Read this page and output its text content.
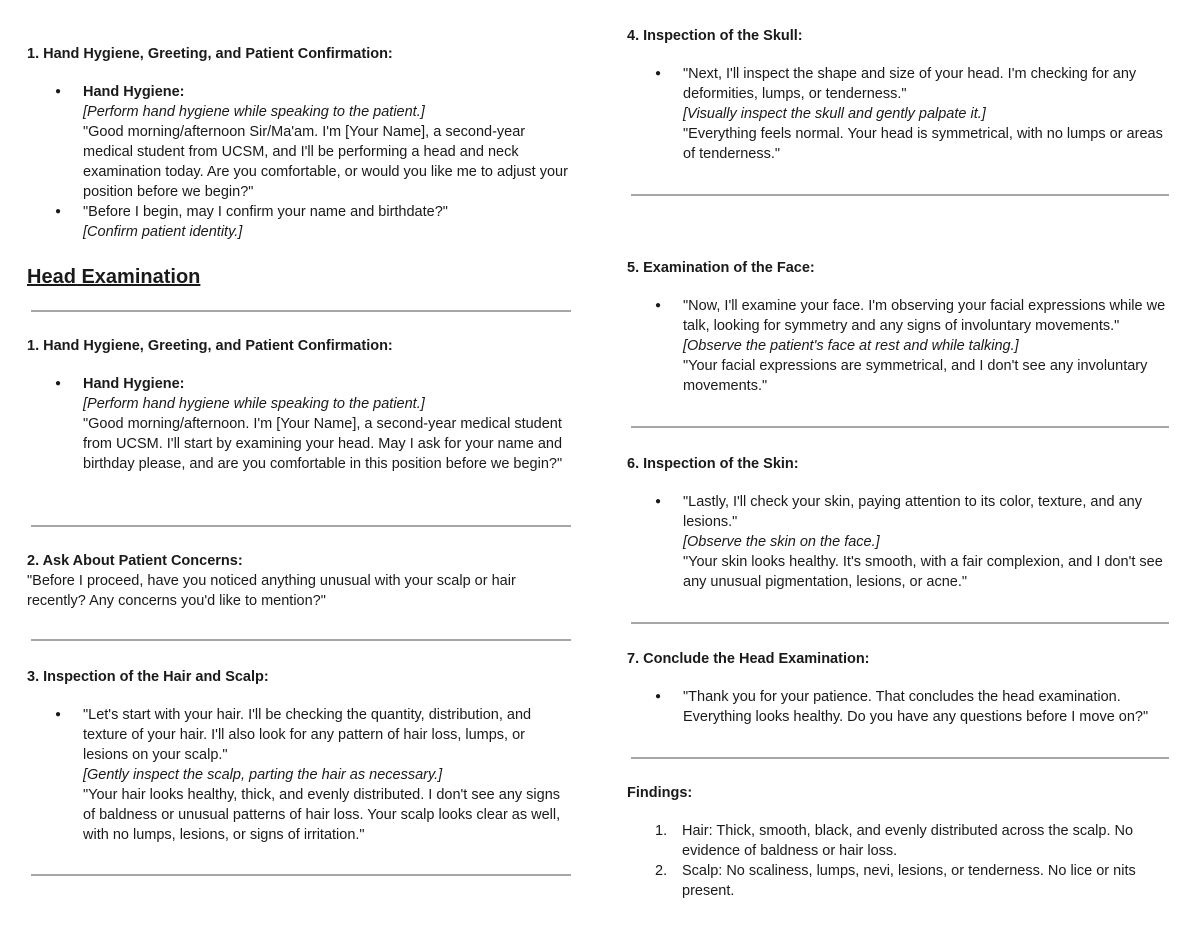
1. Hand Hygiene, Greeting, and Patient Confirmation:
● Hand Hygiene:
[Perform hand hygiene while speaking to the patient.]
"Good morning/afternoon Sir/Ma'am. I'm [Your Name], a second-year medical student from UCSM, and I'll be performing a head and neck examination today. Are you comfortable, or would you like me to adjust your position before we begin?"
● "Before I begin, may I confirm your name and birthdate?"
[Confirm patient identity.]
Head Examination
1. Hand Hygiene, Greeting, and Patient Confirmation:
● Hand Hygiene:
[Perform hand hygiene while speaking to the patient.]
"Good morning/afternoon. I'm [Your Name], a second-year medical student from UCSM. I'll start by examining your head. May I ask for your name and birthday please, and are you comfortable in this position before we begin?"
2. Ask About Patient Concerns:
"Before I proceed, have you noticed anything unusual with your scalp or hair recently? Any concerns you'd like to mention?"
3. Inspection of the Hair and Scalp:
● "Let's start with your hair. I'll be checking the quantity, distribution, and texture of your hair. I'll also look for any pattern of hair loss, lumps, or lesions on your scalp."
[Gently inspect the scalp, parting the hair as necessary.]
"Your hair looks healthy, thick, and evenly distributed. I don't see any signs of baldness or unusual patterns of hair loss. Your scalp looks clear as well, with no lumps, lesions, or signs of irritation."
4. Inspection of the Skull:
● "Next, I'll inspect the shape and size of your head. I'm checking for any deformities, lumps, or tenderness."
[Visually inspect the skull and gently palpate it.]
"Everything feels normal. Your head is symmetrical, with no lumps or areas of tenderness."
5. Examination of the Face:
● "Now, I'll examine your face. I'm observing your facial expressions while we talk, looking for symmetry and any signs of involuntary movements."
[Observe the patient's face at rest and while talking.]
"Your facial expressions are symmetrical, and I don't see any involuntary movements."
6. Inspection of the Skin:
● "Lastly, I'll check your skin, paying attention to its color, texture, and any lesions."
[Observe the skin on the face.]
"Your skin looks healthy. It's smooth, with a fair complexion, and I don't see any unusual pigmentation, lesions, or acne."
7. Conclude the Head Examination:
● "Thank you for your patience. That concludes the head examination. Everything looks healthy. Do you have any questions before I move on?"
Findings:
1. Hair: Thick, smooth, black, and evenly distributed across the scalp. No evidence of baldness or hair loss.
2. Scalp: No scaliness, lumps, nevi, lesions, or tenderness. No lice or nits present.
